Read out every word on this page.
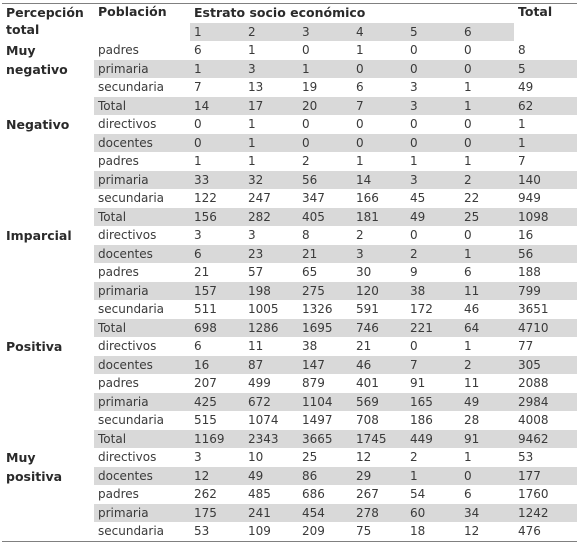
Percepción total	Población	Estrato socio económico						Total
		1	2	3	4	5	6	
Muy negativo	padres	6	1	0	1	0	0	8
	primaria	1	3	1	0	0	0	5
	secundaria	7	13	19	6	3	1	49
	Total	14	17	20	7	3	1	62
Negativo	directivos	0	1	0	0	0	0	1
	docentes	0	1	0	0	0	0	1
	padres	1	1	2	1	1	1	7
	primaria	33	32	56	14	3	2	140
	secundaria	122	247	347	166	45	22	949
	Total	156	282	405	181	49	25	1098
Imparcial	directivos	3	3	8	2	0	0	16
	docentes	6	23	21	3	2	1	56
	padres	21	57	65	30	9	6	188
	primaria	157	198	275	120	38	11	799
	secundaria	511	1005	1326	591	172	46	3651
	Total	698	1286	1695	746	221	64	4710
Positiva	directivos	6	11	38	21	0	1	77
	docentes	16	87	147	46	7	2	305
	padres	207	499	879	401	91	11	2088
	primaria	425	672	1104	569	165	49	2984
	secundaria	515	1074	1497	708	186	28	4008
	Total	1169	2343	3665	1745	449	91	9462
Muy positiva	directivos	3	10	25	12	2	1	53
	docentes	12	49	86	29	1	0	177
	padres	262	485	686	267	54	6	1760
	primaria	175	241	454	278	60	34	1242
	secundaria	53	109	209	75	18	12	476
